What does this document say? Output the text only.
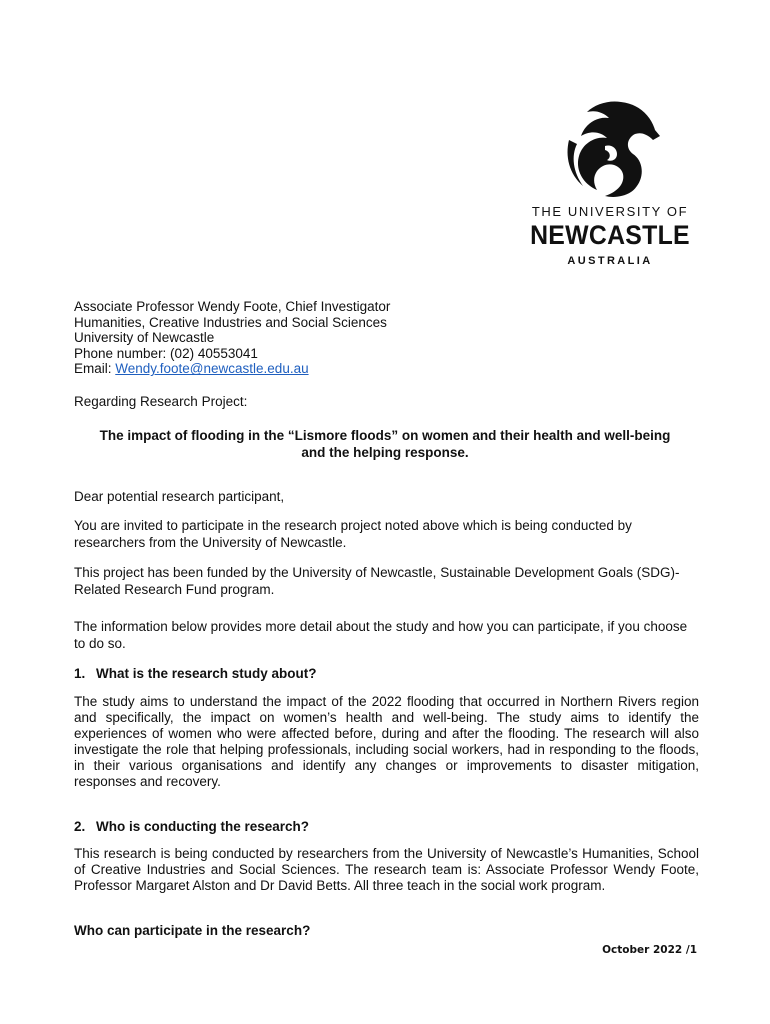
THE UNIVERSITY OF
NEWCASTLE
AUSTRALIA
Associate Professor Wendy Foote, Chief Investigator
Humanities, Creative Industries and Social Sciences
University of Newcastle
Phone number: (02) 40553041
Email: Wendy.foote@newcastle.edu.au
Regarding Research Project:
The impact of flooding in the “Lismore floods” on women and their health and well-being
and the helping response.
Dear potential research participant,
You are invited to participate in the research project noted above which is being conducted by researchers from the University of Newcastle.
This project has been funded by the University of Newcastle, Sustainable Development Goals (SDG)-Related Research Fund program.
The information below provides more detail about the study and how you can participate, if you choose to do so.
1. What is the research study about?
The study aims to understand the impact of the 2022 flooding that occurred in Northern Rivers region and specifically, the impact on women’s health and well-being. The study aims to identify the experiences of women who were affected before, during and after the flooding. The research will also investigate the role that helping professionals, including social workers, had in responding to the floods, in their various organisations and identify any changes or improvements to disaster mitigation, responses and recovery.
2. Who is conducting the research?
This research is being conducted by researchers from the University of Newcastle’s Humanities, School of Creative Industries and Social Sciences. The research team is: Associate Professor Wendy Foote, Professor Margaret Alston and Dr David Betts. All three teach in the social work program.
Who can participate in the research?
October 2022 /1
